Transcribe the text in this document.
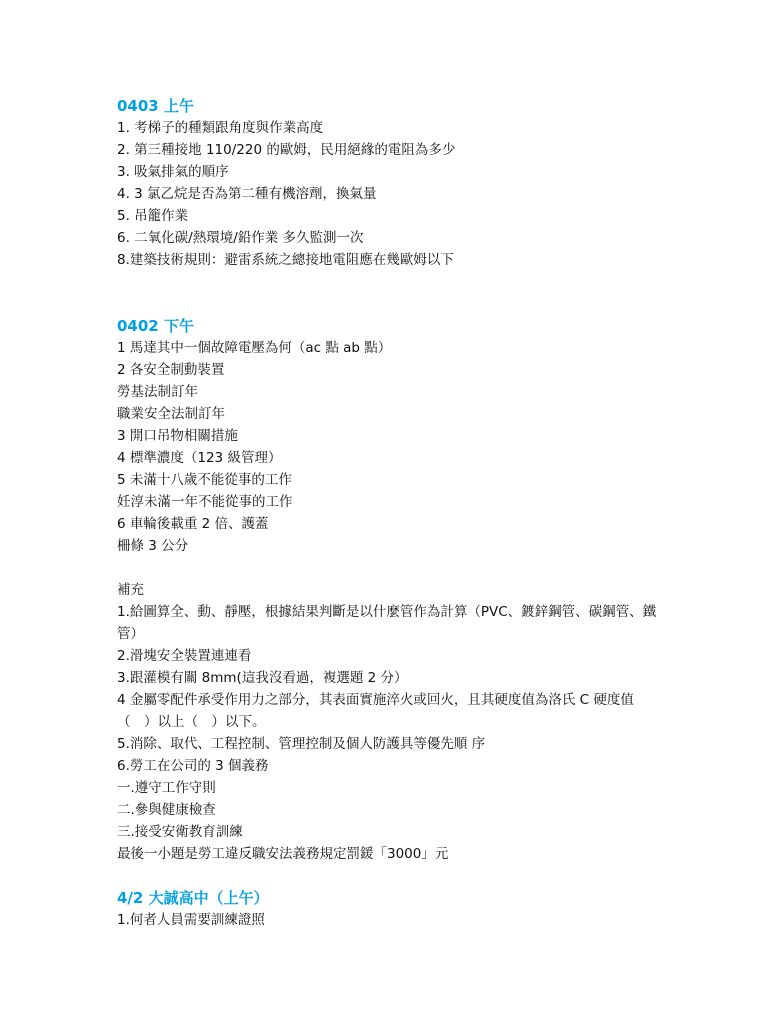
0403 上午

1. 考梯子的種類跟角度與作業高度

2. 第三種接地 110/220 的歐姆，民用絕緣的電阻為多少

3. 吸氣排氣的順序

4. 3 氯乙烷是否為第二種有機溶劑，換氣量

5. 吊籠作業

6. 二氧化碳/熱環境/鉛作業 多久監測一次

8.建築技術規則：避雷系統之總接地電阻應在幾歐姆以下

0402 下午

1 馬達其中一個故障電壓為何（ac 點 ab 點）

2 各安全制動裝置

勞基法制訂年

職業安全法制訂年

3 開口吊物相關措施

4 標準濃度（123 級管理）

5 未滿十八歲不能從事的工作

妊淳未滿一年不能從事的工作

6 車輪後載重 2 倍、護蓋

柵條 3 公分

補充

1.給圖算全、動、靜壓，根據結果判斷是以什麼管作為計算（PVC、鍍鋅鋼管、碳鋼管、鐵管）

2.滑塊安全裝置連連看

3.跟灌模有關 8mm(這我沒看過，複選題 2 分）

4 金屬零配件承受作用力之部分，其表面實施淬火或回火，且其硬度值為洛氏 C 硬度值（　）以上（　）以下。

5.消除、取代、工程控制、管理控制及個人防護具等優先順 序

6.勞工在公司的 3 個義務

一.遵守工作守則

二.參與健康檢查

三.接受安衛教育訓練

最後一小題是勞工違反職安法義務規定罰鍰「3000」元

4/2 大誠高中（上午）

1.何者人員需要訓練證照
